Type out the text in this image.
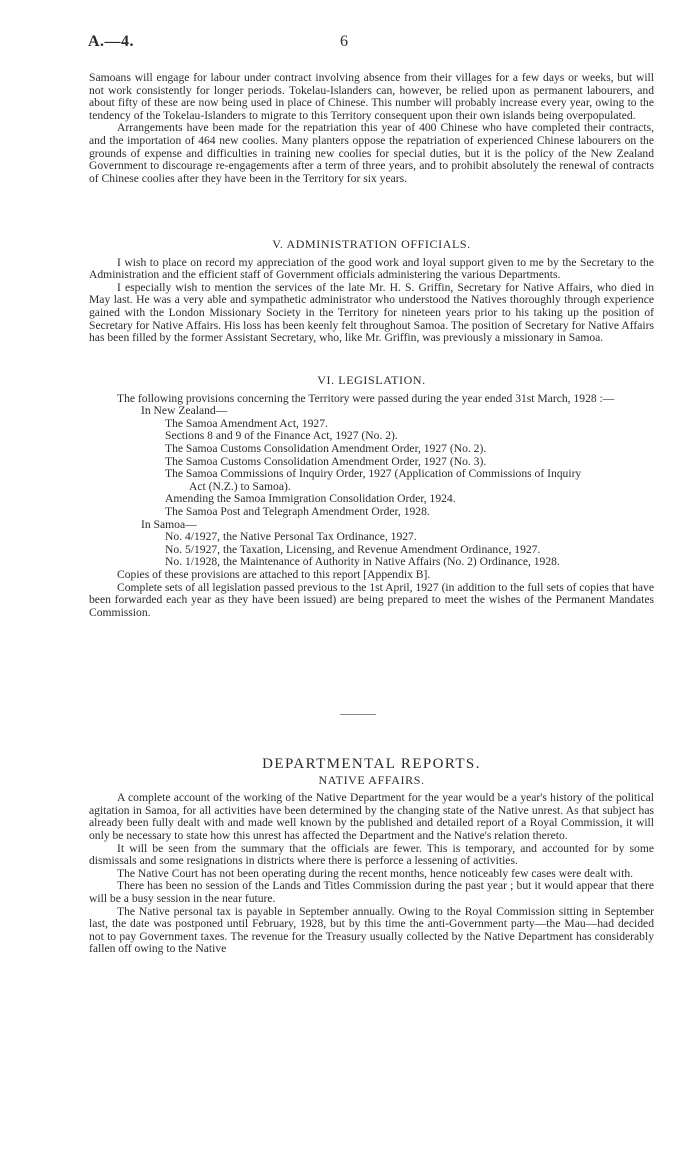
A.—4.	6

Samoans will engage for labour under contract involving absence from their villages for a few days or weeks, but will not work consistently for longer periods. Tokelau-Islanders can, however, be relied upon as permanent labourers, and about fifty of these are now being used in place of Chinese. This number will probably increase every year, owing to the tendency of the Tokelau-Islanders to migrate to this Territory consequent upon their own islands being overpopulated.

Arrangements have been made for the repatriation this year of 400 Chinese who have completed their contracts, and the importation of 464 new coolies. Many planters oppose the repatriation of experienced Chinese labourers on the grounds of expense and difficulties in training new coolies for special duties, but it is the policy of the New Zealand Government to discourage re-engagements after a term of three years, and to prohibit absolutely the renewal of contracts of Chinese coolies after they have been in the Territory for six years.

V. ADMINISTRATION OFFICIALS.

I wish to place on record my appreciation of the good work and loyal support given to me by the Secretary to the Administration and the efficient staff of Government officials administering the various Departments.

I especially wish to mention the services of the late Mr. H. S. Griffin, Secretary for Native Affairs, who died in May last. He was a very able and sympathetic administrator who understood the Natives thoroughly through experience gained with the London Missionary Society in the Territory for nineteen years prior to his taking up the position of Secretary for Native Affairs. His loss has been keenly felt throughout Samoa. The position of Secretary for Native Affairs has been filled by the former Assistant Secretary, who, like Mr. Griffin, was previously a missionary in Samoa.

VI. LEGISLATION.

The following provisions concerning the Territory were passed during the year ended 31st March, 1928 :—

In New Zealand—

The Samoa Amendment Act, 1927.

Sections 8 and 9 of the Finance Act, 1927 (No. 2).

The Samoa Customs Consolidation Amendment Order, 1927 (No. 2).

The Samoa Customs Consolidation Amendment Order, 1927 (No. 3).

The Samoa Commissions of Inquiry Order, 1927 (Application of Commissions of Inquiry

Act (N.Z.) to Samoa).

Amending the Samoa Immigration Consolidation Order, 1924.

The Samoa Post and Telegraph Amendment Order, 1928.

In Samoa—

No. 4/1927, the Native Personal Tax Ordinance, 1927.

No. 5/1927, the Taxation, Licensing, and Revenue Amendment Ordinance, 1927.

No. 1/1928, the Maintenance of Authority in Native Affairs (No. 2) Ordinance, 1928.

Copies of these provisions are attached to this report [Appendix B].

Complete sets of all legislation passed previous to the 1st April, 1927 (in addition to the full sets of copies that have been forwarded each year as they have been issued) are being prepared to meet the wishes of the Permanent Mandates Commission.

DEPARTMENTAL REPORTS.

NATIVE AFFAIRS.

A complete account of the working of the Native Department for the year would be a year's history of the political agitation in Samoa, for all activities have been determined by the changing state of the Native unrest. As that subject has already been fully dealt with and made well known by the published and detailed report of a Royal Commission, it will only be necessary to state how this unrest has affected the Department and the Native's relation thereto.

It will be seen from the summary that the officials are fewer. This is temporary, and accounted for by some dismissals and some resignations in districts where there is perforce a lessening of activities.

The Native Court has not been operating during the recent months, hence noticeably few cases were dealt with.

There has been no session of the Lands and Titles Commission during the past year ; but it would appear that there will be a busy session in the near future.

The Native personal tax is payable in September annually. Owing to the Royal Commission sitting in September last, the date was postponed until February, 1928, but by this time the anti-Government party—the Mau—had decided not to pay Government taxes. The revenue for the Treasury usually collected by the Native Department has considerably fallen off owing to the Native
